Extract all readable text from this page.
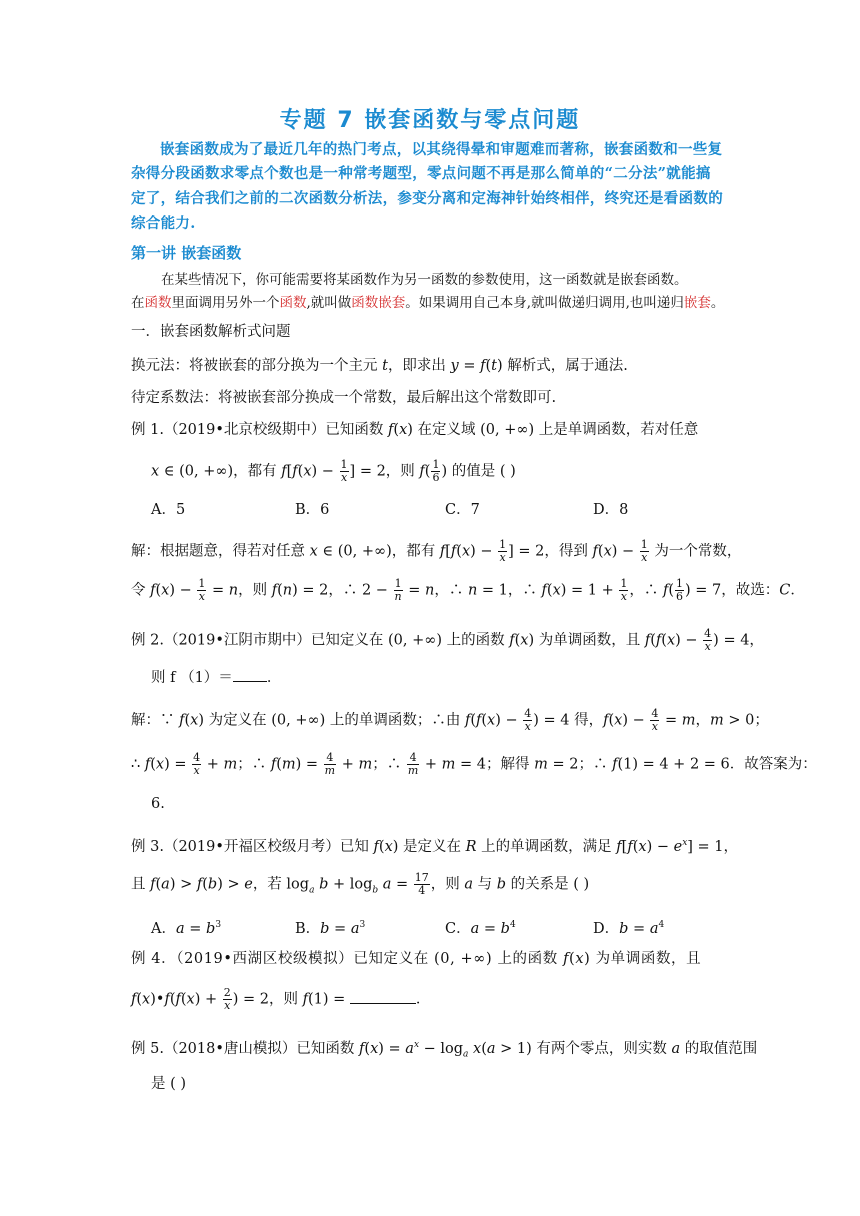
专题 7 嵌套函数与零点问题
嵌套函数成为了最近几年的热门考点，以其绕得晕和审题难而著称，嵌套函数和一些复
杂得分段函数求零点个数也是一种常考题型，零点问题不再是那么简单的“二分法”就能搞
定了，结合我们之前的二次函数分析法，参变分离和定海神针始终相伴，终究还是看函数的
综合能力.
第一讲 嵌套函数
在某些情况下，你可能需要将某函数作为另一函数的参数使用，这一函数就是嵌套函数。
在函数里面调用另外一个函数,就叫做函数嵌套。如果调用自己本身,就叫做递归调用,也叫递归嵌套。
一．嵌套函数解析式问题
换元法：将被嵌套的部分换为一个主元 t，即求出 y = f(t) 解析式，属于通法.
待定系数法：将被嵌套部分换成一个常数，最后解出这个常数即可.
例 1.（2019•北京校级期中）已知函数 f(x) 在定义域 (0, +∞) 上是单调函数，若对任意
x ∈ (0, +∞)，都有 $f[f(x) - \frac{1}{x}$ ] = 2，则 $f( \frac{1}{6}$ ) 的值是 ( )
A．5	B．6	C．7	D．8
解：根据题意，得若对任意 x ∈ (0, +∞)，都有 $f[f(x) - \frac{1}{x}$ ] = 2，得到 $f(x) - \frac{1}{x}$ 为一个常数，
令 $f(x) - \frac{1}{x} = n$，则 f(n) = 2，∴ $2 - \frac{1}{n} = n$，∴ n = 1，∴ $f(x) = 1 + \frac{1}{x}$ ，∴ $f( \frac{1}{6}$ ) = 7，故选：C．
例 2.（2019•江阴市期中）已知定义在 (0, +∞) 上的函数 f(x) 为单调函数，且 $f(f(x) - \frac{4}{x}$ ) = 4，
则 f （1）＝ ．
解：∵ f(x) 为定义在 (0, +∞) 上的单调函数；∴由 $f(f(x) - \frac{4}{x}$ ) = 4 得，$f(x) - \frac{4}{x} = m$，m > 0；
∴ $f(x) = \frac{4}{x} + m$；∴ $f(m) = \frac{4}{m} + m$；∴ $\frac{4}{m} + m = 4$；解得 m = 2；∴ f(1) = 4 + 2 = 6．故答案为：
6.
例 3.（2019•开福区校级月考）已知 f(x) 是定义在 R 上的单调函数，满足 $f[f(x) - e^x] = 1$，
且 f(a) > f(b) > e，若 $\log_a b + \log_b a = \frac{17}{4}$ ，则 a 与 b 的关系是 ( )
A．$a = b^3$	B．$b = a^3$	C．$a = b^4$	D．$b = a^4$
例 4．（2019•西湖区校级模拟）已知定义在 (0, +∞) 上的函数 f(x) 为单调函数，且
f(x)•f(f(x) + $\frac{2}{x}$ ) = 2，则 f(1) =	．
例 5.（2018•唐山模拟）已知函数 $f(x) = a^x - \log_a x(a > 1)$ 有两个零点，则实数 a 的取值范围
是 ( )
